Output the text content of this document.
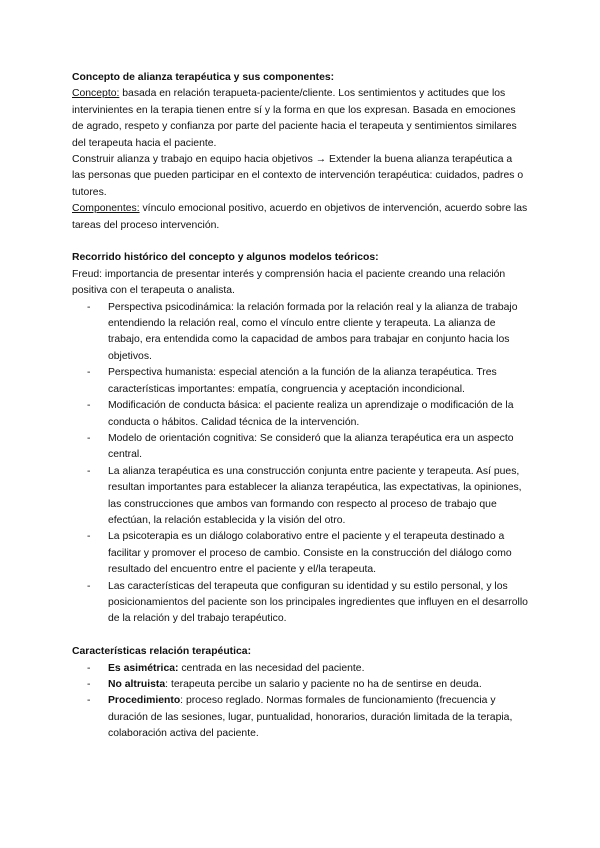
Concepto de alianza terapéutica y sus componentes:
Concepto: basada en relación terapueta-paciente/cliente. Los sentimientos y actitudes que los intervinientes en la terapia tienen entre sí y la forma en que los expresan. Basada en emociones de agrado, respeto y confianza por parte del paciente hacia el terapeuta y sentimientos similares del terapeuta hacia el paciente.
Construir alianza y trabajo en equipo hacia objetivos → Extender la buena alianza terapéutica a las personas que pueden participar en el contexto de intervención terapéutica: cuidados, padres o tutores.
Componentes: vínculo emocional positivo, acuerdo en objetivos de intervención, acuerdo sobre las tareas del proceso intervención.
Recorrido histórico del concepto y algunos modelos teóricos:
Freud: importancia de presentar interés y comprensión hacia el paciente creando una relación positiva con el terapeuta o analista.
- Perspectiva psicodinámica: la relación formada por la relación real y la alianza de trabajo entendiendo la relación real, como el vínculo entre cliente y terapeuta. La alianza de trabajo, era entendida como la capacidad de ambos para trabajar en conjunto hacia los objetivos.
- Perspectiva humanista: especial atención a la función de la alianza terapéutica. Tres características importantes: empatía, congruencia y aceptación incondicional.
- Modificación de conducta básica: el paciente realiza un aprendizaje o modificación de la conducta o hábitos. Calidad técnica de la intervención.
- Modelo de orientación cognitiva: Se consideró que la alianza terapéutica era un aspecto central.
- La alianza terapéutica es una construcción conjunta entre paciente y terapeuta. Así pues, resultan importantes para establecer la alianza terapéutica, las expectativas, la opiniones, las construcciones que ambos van formando con respecto al proceso de trabajo que efectúan, la relación establecida y la visión del otro.
- La psicoterapia es un diálogo colaborativo entre el paciente y el terapeuta destinado a facilitar y promover el proceso de cambio. Consiste en la construcción del diálogo como resultado del encuentro entre el paciente y el/la terapeuta.
- Las características del terapeuta que configuran su identidad y su estilo personal, y los posicionamientos del paciente son los principales ingredientes que influyen en el desarrollo de la relación y del trabajo terapéutico.
Características relación terapéutica:
- Es asimétrica: centrada en las necesidad del paciente.
- No altruista: terapeuta percibe un salario y paciente no ha de sentirse en deuda.
- Procedimiento: proceso reglado. Normas formales de funcionamiento (frecuencia y duración de las sesiones, lugar, puntualidad, honorarios, duración limitada de la terapia, colaboración activa del paciente.
